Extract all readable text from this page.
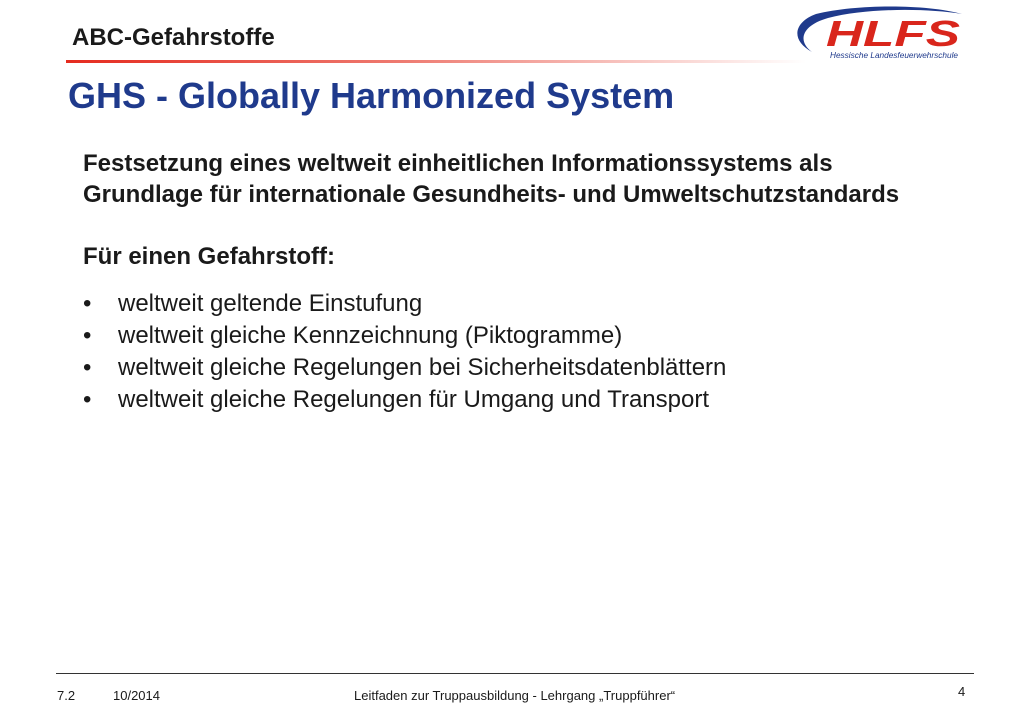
ABC-Gefahrstoffe	HLFS
Hessische Landesfeuerwehrschule
GHS - Globally Harmonized System
Festsetzung eines weltweit einheitlichen Informationssystems als
Grundlage für internationale Gesundheits- und Umweltschutzstandards
Für einen Gefahrstoff:
• weltweit geltende Einstufung
• weltweit gleiche Kennzeichnung (Piktogramme)
• weltweit gleiche Regelungen bei Sicherheitsdatenblättern
• weltweit gleiche Regelungen für Umgang und Transport
7.2	10/2014	Leitfaden zur Truppausbildung - Lehrgang „Truppführer“	4
